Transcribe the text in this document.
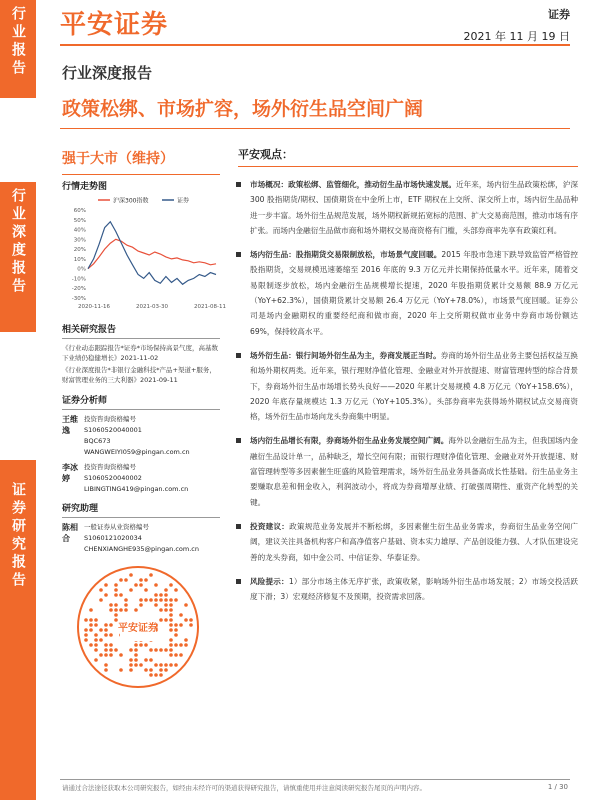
行业报告
行业深度报告
证券研究报告
平安证券	证券
2021 年 11 月 19 日
行业深度报告
政策松绑、市场扩容，场外衍生品空间广阔
强于大市（维持）
行情走势图
沪深300指数	证券
60%
50%
40%
30%
20%
10%
0%
-10%
-20%
-30%
2020-11-16	2021-03-30	2021-08-11
相关研究报告
《行业动态跟踪报告*证券*市场保持高景气度，高基数下业绩仍稳健增长》2021-11-02
《行业深度报告*非银行金融科技*产品+渠道+服务，财富管理业务的三大利器》2021-09-11
证券分析师
王维逸
投资咨询资格编号
S1060520040001
BQC673
WANGWEIYI059@pingan.com.cn
李冰婷
投资咨询资格编号
S1060520040002
LIBINGTING419@pingan.com.cn
研究助理
陈相合
一般证券从业资格编号
S1060121020034
CHENXIANGHE935@pingan.com.cn
平安证券
平安观点：
市场概况：政策松绑、监管细化，推动衍生品市场快速发展。近年来，场内衍生品政策松绑，沪深 300 股指期货/期权、国债期货在中金所上市，ETF 期权在上交所、深交所上市，场内衍生品品种进一步丰富。场外衍生品规范发展，场外期权新规拓宽标的范围、扩大交易商范围，推动市场有序扩张。而场内金融衍生品做市商和场外期权交易商资格有门槛，头部券商率先享有政策红利。
场内衍生品：股指期货交易限制放松，市场景气度回暖。2015 年股市急速下跌导致监管严格管控股指期货，交易规模迅速萎缩至 2016 年底的 9.3 万亿元并长期保持低量水平。近年来，随着交易限制逐步放松，场内金融衍生品规模增长提速，2020 年股指期货累计交易额 88.9 万亿元（YoY+62.3%），国债期货累计交易额 26.4 万亿元（YoY+78.0%），市场景气度回暖。证券公司是场内金融期权的重要经纪商和做市商，2020 年上交所期权做市业务中券商市场份额达 69%，保持较高水平。
场外衍生品：银行间场外衍生品为主，券商发展正当时。券商的场外衍生品业务主要包括权益互换和场外期权两类。近年来，银行理财净值化管理、金融业对外开放提速、财富管理转型的综合背景下，券商场外衍生品市场增长势头良好——2020 年累计交易规模 4.8 万亿元（YoY+158.6%），2020 年底存量规模达 1.3 万亿元（YoY+105.3%）。头部券商率先获得场外期权试点交易商资格，场外衍生品市场向龙头券商集中明显。
场内衍生品增长有限，券商场外衍生品业务发展空间广阔。海外以金融衍生品为主，但我国场内金融衍生品设计单一，品种缺乏，增长空间有限；而银行理财净值化管理、金融业对外开放提速、财富管理转型等多因素催生旺盛的风险管理需求，场外衍生品业务具备高成长性基础。衍生品业务主要赚取息差和佣金收入，利润波动小，将成为券商增厚业绩、打破强周期性、重资产化转型的关键。
投资建议：政策规范业务发展并不断松绑，多因素催生衍生品业务需求，券商衍生品业务空间广阔，建议关注具备机构客户和高净值客户基础、资本实力雄厚、产品创设能力强、人才队伍建设完善的龙头券商，如中金公司、中信证券、华泰证券。
风险提示：1）部分市场主体无序扩张，政策收紧，影响场外衍生品市场发展；2）市场交投活跃度下滑；3）宏观经济修复不及预期，投资需求回落。
请通过合法途径获取本公司研究报告，如经由未经许可的渠道获得研究报告，请慎重使用并注意阅读研究报告尾页的声明内容。	1 / 30
